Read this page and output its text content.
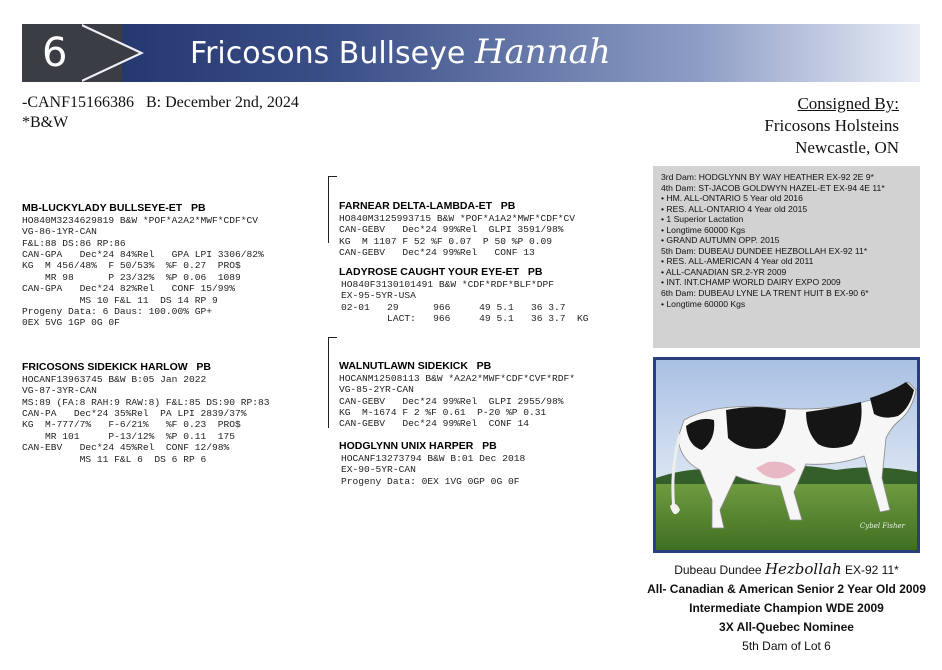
6	Fricosons Bullseye Hannah
-CANF15166386   B: December 2nd, 2024
*B&W
Consigned By:
Fricosons Holsteins
Newcastle, ON

MB-LUCKYLADY BULLSEYE-ET   PB
HO840M3234629819 B&W *POF*A2A2*MWF*CDF*CV
VG-86-1YR-CAN
F&L:88 DS:86 RP:86
CAN-GPA   Dec*24 84%Rel   GPA LPI 3306/82%
KG  M 456/48%  F 50/53%  %F 0.27  PRO$
MR 98      P 23/32%  %P 0.06  1089
CAN-GPA   Dec*24 82%Rel   CONF 15/99%
MS 10 F&L 11  DS 14 RP 9
Progeny Data: 6 Daus: 100.00% GP+
0EX 5VG 1GP 0G 0F

FRICOSONS SIDEKICK HARLOW   PB
HOCANF13963745 B&W B:05 Jan 2022
VG-87-3YR-CAN
MS:89 (FA:8 RAH:9 RAW:8) F&L:85 DS:90 RP:83
CAN-PA   Dec*24 35%Rel  PA LPI 2839/37%
KG  M-777/7%   F-6/21%   %F 0.23  PRO$
MR 101     P-13/12%  %P 0.11  175
CAN-EBV   Dec*24 45%Rel  CONF 12/98%
MS 11 F&L 6  DS 6 RP 6

FARNEAR DELTA-LAMBDA-ET   PB
HO840M3125993715 B&W *POF*A1A2*MWF*CDF*CV
CAN-GEBV   Dec*24 99%Rel  GLPI 3591/98%
KG  M 1107 F 52 %F 0.07  P 50 %P 0.09
CAN-GEBV   Dec*24 99%Rel   CONF 13

LADYROSE CAUGHT YOUR EYE-ET   PB
HO840F3130101491 B&W *CDF*RDF*BLF*DPF
EX-95-5YR-USA
02-01   29      966     49 5.1   36 3.7
LACT:   966     49 5.1   36 3.7  KG

WALNUTLAWN SIDEKICK   PB
HOCANM12508113 B&W *A2A2*MWF*CDF*CVF*RDF*
VG-85-2YR-CAN
CAN-GEBV   Dec*24 99%Rel  GLPI 2955/98%
KG  M-1674 F 2 %F 0.61  P-20 %P 0.31
CAN-GEBV   Dec*24 99%Rel  CONF 14

HODGLYNN UNIX HARPER   PB
HOCANF13273794 B&W B:01 Dec 2018
EX-90-5YR-CAN
Progeny Data: 0EX 1VG 0GP 0G 0F

3rd Dam: HODGLYNN BY WAY HEATHER EX-92 2E 9*
4th Dam: ST-JACOB GOLDWYN HAZEL-ET EX-94 4E 11*
• HM. ALL-ONTARIO 5 Year old 2016
• RES. ALL-ONTARIO 4 Year old 2015
• 1 Superior Lactation
• Longtime 60000 Kgs
• GRAND AUTUMN OPP. 2015
5th Dam: DUBEAU DUNDEE HEZBOLLAH EX-92 11*
• RES. ALL-AMERICAN 4 Year old 2011
• ALL-CANADIAN SR.2-YR 2009
• INT. INT.CHAMP WORLD DAIRY EXPO 2009
6th Dam: DUBEAU LYNE LA TRENT HUIT B EX-90 6*
• Longtime 60000 Kgs
Cybel Fisher
Dubeau Dundee Hezbollah EX-92 11*
All- Canadian & American Senior 2 Year Old 2009
Intermediate Champion WDE 2009
3X All-Quebec Nominee
5th Dam of Lot 6
